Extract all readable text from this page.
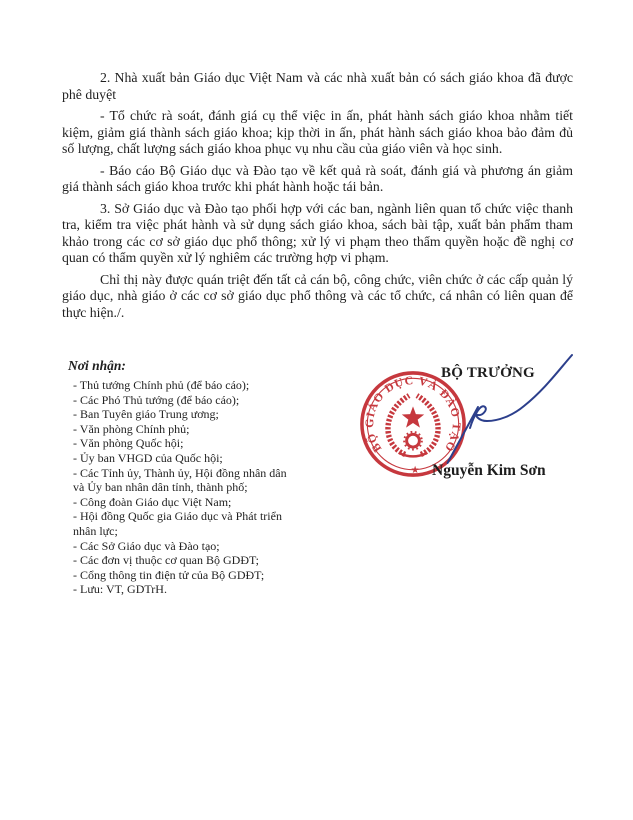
2. Nhà xuất bản Giáo dục Việt Nam và các nhà xuất bản có sách giáo khoa đã được phê duyệt

- Tổ chức rà soát, đánh giá cụ thể việc in ấn, phát hành sách giáo khoa nhằm tiết kiệm, giảm giá thành sách giáo khoa; kịp thời in ấn, phát hành sách giáo khoa bảo đảm đủ số lượng, chất lượng sách giáo khoa phục vụ nhu cầu của giáo viên và học sinh.

- Báo cáo Bộ Giáo dục và Đào tạo về kết quả rà soát, đánh giá và phương án giảm giá thành sách giáo khoa trước khi phát hành hoặc tái bản.

3. Sở Giáo dục và Đào tạo phối hợp với các ban, ngành liên quan tổ chức việc thanh tra, kiểm tra việc phát hành và sử dụng sách giáo khoa, sách bài tập, xuất bản phẩm tham khảo trong các cơ sở giáo dục phổ thông; xử lý vi phạm theo thẩm quyền hoặc đề nghị cơ quan có thẩm quyền xử lý nghiêm các trường hợp vi phạm.

Chỉ thị này được quán triệt đến tất cả cán bộ, công chức, viên chức ở các cấp quản lý giáo dục, nhà giáo ở các cơ sở giáo dục phổ thông và các tổ chức, cá nhân có liên quan để thực hiện./.

Nơi nhận:
- Thủ tướng Chính phủ (để báo cáo);
- Các Phó Thủ tướng (để báo cáo);
- Ban Tuyên giáo Trung ương;
- Văn phòng Chính phủ;
- Văn phòng Quốc hội;
- Ủy ban VHGD của Quốc hội;
- Các Tỉnh ủy, Thành ủy, Hội đồng nhân dân và Ủy ban nhân dân tỉnh, thành phố;
- Công đoàn Giáo dục Việt Nam;
- Hội đồng Quốc gia Giáo dục và Phát triển nhân lực;
- Các Sở Giáo dục và Đào tạo;
- Các đơn vị thuộc cơ quan Bộ GDĐT;
- Cổng thông tin điện tử của Bộ GDĐT;
- Lưu: VT, GDTrH.
BỘ GIÁO DỤC VÀ ĐÀO TẠO
★
BỘ TRƯỞNG
Nguyễn Kim Sơn
